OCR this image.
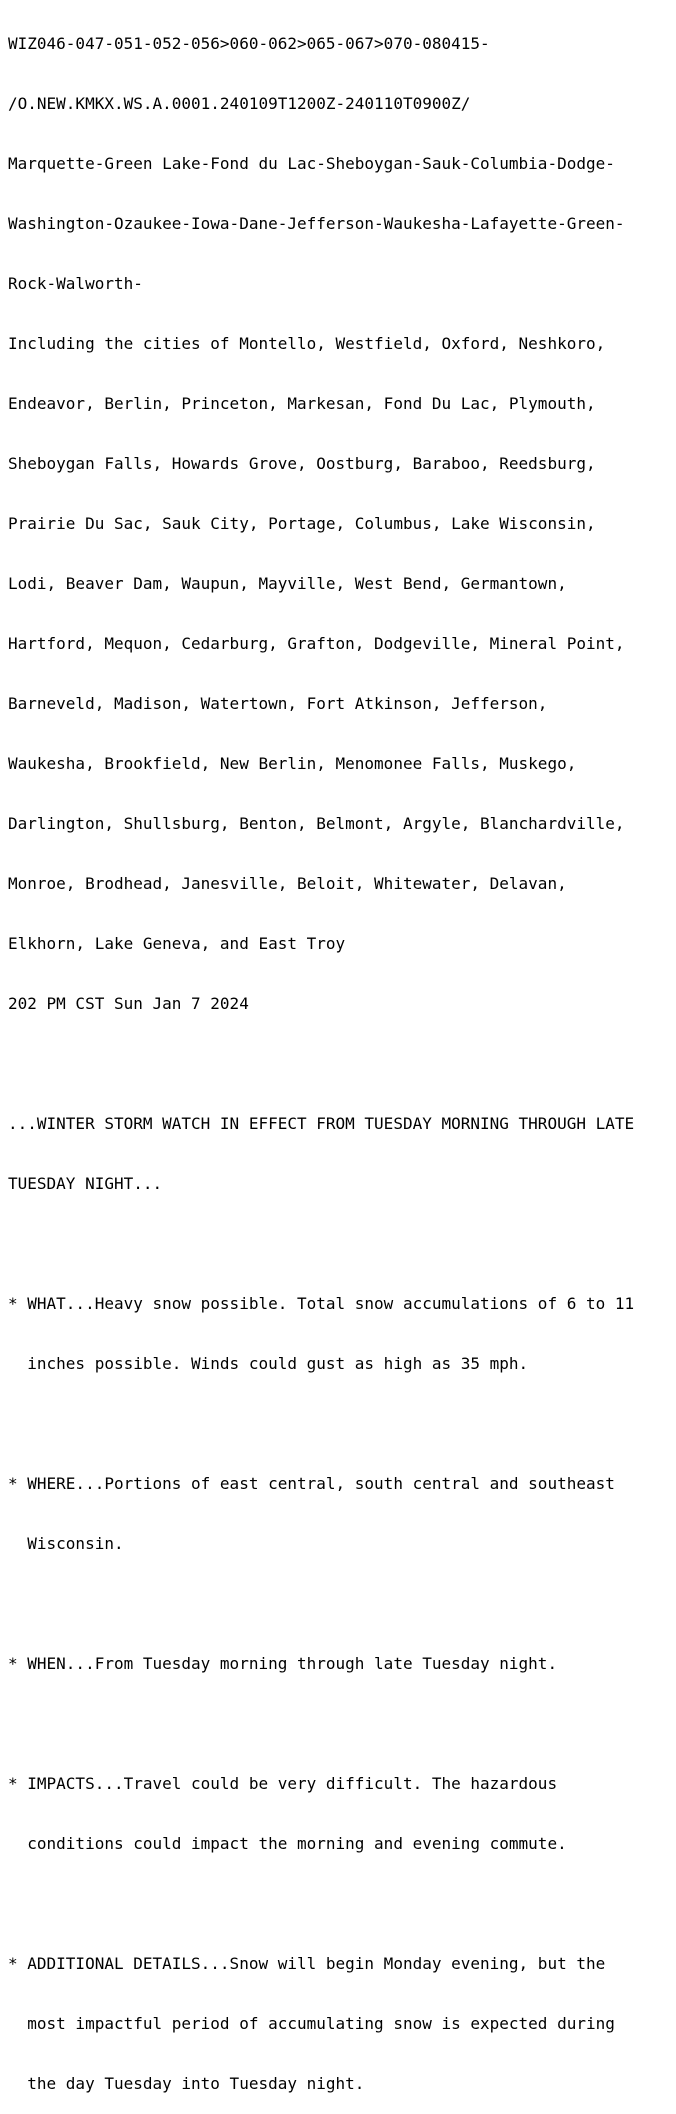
WIZ046-047-051-052-056>060-062>065-067>070-080415-

/O.NEW.KMKX.WS.A.0001.240109T1200Z-240110T0900Z/

Marquette-Green Lake-Fond du Lac-Sheboygan-Sauk-Columbia-Dodge-

Washington-Ozaukee-Iowa-Dane-Jefferson-Waukesha-Lafayette-Green-

Rock-Walworth-

Including the cities of Montello, Westfield, Oxford, Neshkoro,

Endeavor, Berlin, Princeton, Markesan, Fond Du Lac, Plymouth,

Sheboygan Falls, Howards Grove, Oostburg, Baraboo, Reedsburg,

Prairie Du Sac, Sauk City, Portage, Columbus, Lake Wisconsin,

Lodi, Beaver Dam, Waupun, Mayville, West Bend, Germantown,

Hartford, Mequon, Cedarburg, Grafton, Dodgeville, Mineral Point,

Barneveld, Madison, Watertown, Fort Atkinson, Jefferson,

Waukesha, Brookfield, New Berlin, Menomonee Falls, Muskego,

Darlington, Shullsburg, Benton, Belmont, Argyle, Blanchardville,

Monroe, Brodhead, Janesville, Beloit, Whitewater, Delavan,

Elkhorn, Lake Geneva, and East Troy

202 PM CST Sun Jan 7 2024

...WINTER STORM WATCH IN EFFECT FROM TUESDAY MORNING THROUGH LATE

TUESDAY NIGHT...

* WHAT...Heavy snow possible. Total snow accumulations of 6 to 11

inches possible. Winds could gust as high as 35 mph.

* WHERE...Portions of east central, south central and southeast

Wisconsin.

* WHEN...From Tuesday morning through late Tuesday night.

* IMPACTS...Travel could be very difficult. The hazardous

conditions could impact the morning and evening commute.

* ADDITIONAL DETAILS...Snow will begin Monday evening, but the

most impactful period of accumulating snow is expected during

the day Tuesday into Tuesday night.
